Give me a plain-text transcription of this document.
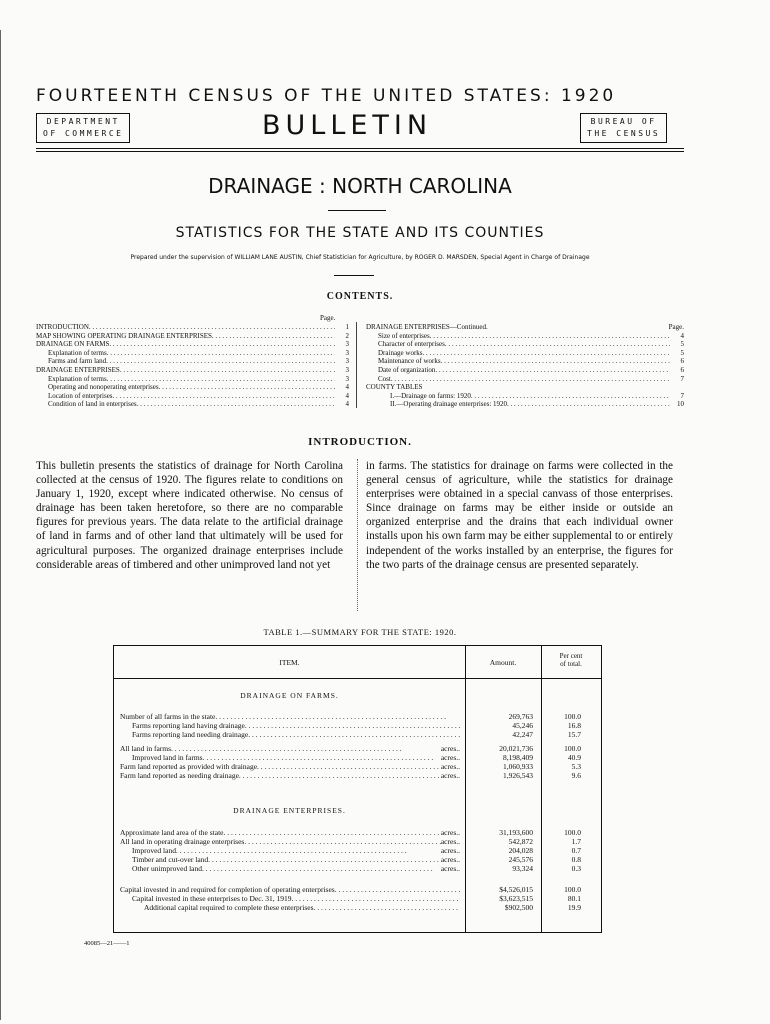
FOURTEENTH CENSUS OF THE UNITED STATES: 1920
DEPARTMENT
OF COMMERCE	BULLETIN	BUREAU OF
THE CENSUS
DRAINAGE : NORTH CAROLINA
STATISTICS FOR THE STATE AND ITS COUNTIES
Prepared under the supervision of WILLIAM LANE AUSTIN, Chief Statistician for Agriculture, by ROGER D. MARSDEN, Special Agent in Charge of Drainage
CONTENTS.
Page.
INTRODUCTION . . .	1
MAP SHOWING OPERATING DRAINAGE ENTERPRISES . . .	2
DRAINAGE ON FARMS . . .	3
Explanation of terms . . .	3
Farms and farm land . . .	3
DRAINAGE ENTERPRISES . . .	3
Explanation of terms . . .	3
Operating and nonoperating enterprises . . .	4
Location of enterprises . . .	4
Condition of land in enterprises . . .	4
DRAINAGE ENTERPRISES—Continued.	Page.
Size of enterprises . . .	4
Character of enterprises . . .	5
Drainage works . . .	5
Maintenance of works . . .	6
Date of organization . . .	6
Cost . . .	7
COUNTY TABLES
I.—Drainage on farms: 1920 . . .	7
II.—Operating drainage enterprises: 1920 . . .	10
INTRODUCTION.
This bulletin presents the statistics of drainage for North Carolina collected at the census of 1920. The figures relate to conditions on January 1, 1920, except where indicated otherwise. No census of drainage has been taken heretofore, so there are no comparable figures for previous years. The data relate to the artificial drainage of land in farms and of other land that ultimately will be used for agricultural purposes. The organized drainage enterprises include considerable areas of timbered and other unimproved land not yet
in farms. The statistics for drainage on farms were collected in the general census of agriculture, while the statistics for drainage enterprises were obtained in a special canvass of those enterprises. Since drainage on farms may be either inside or outside an organized enterprise and the drains that each individual owner installs upon his own farm may be either supplemental to or entirely independent of the works installed by an enterprise, the figures for the two parts of the drainage census are presented separately.
TABLE 1.—SUMMARY FOR THE STATE: 1920.
ITEM.	Amount.
Per cent
of total.
DRAINAGE ON FARMS.
Number of all farms in the state . . .	269,763	100.0
Farms reporting land having drainage . . .	45,246	16.8
Farms reporting land needing drainage . . .	42,247	15.7
All land in farms . . .	acres..	20,021,736	100.0
Improved land in farms . . .	acres..	8,198,409	40.9
Farm land reported as provided with drainage . . .	acres..	1,060,933	5.3
Farm land reported as needing drainage . . .	acres..	1,926,543	9.6
DRAINAGE ENTERPRISES.
Approximate land area of the state . . .	acres..	31,193,600	100.0
All land in operating drainage enterprises . . .	acres..	542,872	1.7
Improved land . . .	acres..	204,028	0.7
Timber and cut-over land . . .	acres..	245,576	0.8
Other unimproved land . . .	acres..	93,324	0.3
Capital invested in and required for completion of operating enterprises . . .	$4,526,015	100.0
Capital invested in these enterprises to Dec. 31, 1919 . . .	$3,623,515	80.1
Additional capital required to complete these enterprises . . .	$902,500	19.9
40085—21——1
